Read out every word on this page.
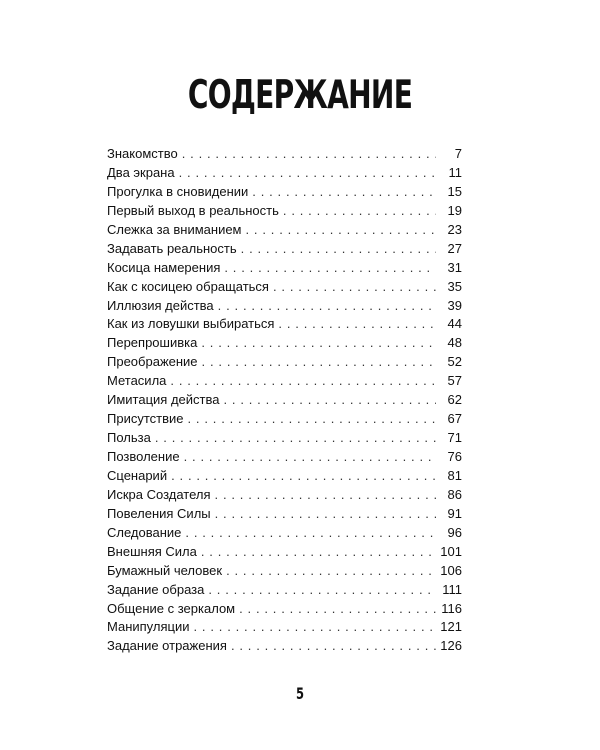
СОДЕРЖАНИЕ
Знакомство . . .	7
Два экрана . . .	11
Прогулка в сновидении . . .	15
Первый выход в реальность . . .	19
Слежка за вниманием . . .	23
Задавать реальность . . .	27
Косица намерения . . .	31
Как с косицею обращаться . . .	35
Иллюзия действа . . .	39
Как из ловушки выбираться . . .	44
Перепрошивка . . .	48
Преображение . . .	52
Метасила . . .	57
Имитация действа . . .	62
Присутствие . . .	67
Польза . . .	71
Позволение . . .	76
Сценарий . . .	81
Искра Создателя . . .	86
Повеления Силы . . .	91
Следование . . .	96
Внешняя Сила . . .	101
Бумажный человек . . .	106
Задание образа . . .	111
Общение с зеркалом . . .	116
Манипуляции . . .	121
Задание отражения . . .	126
5
